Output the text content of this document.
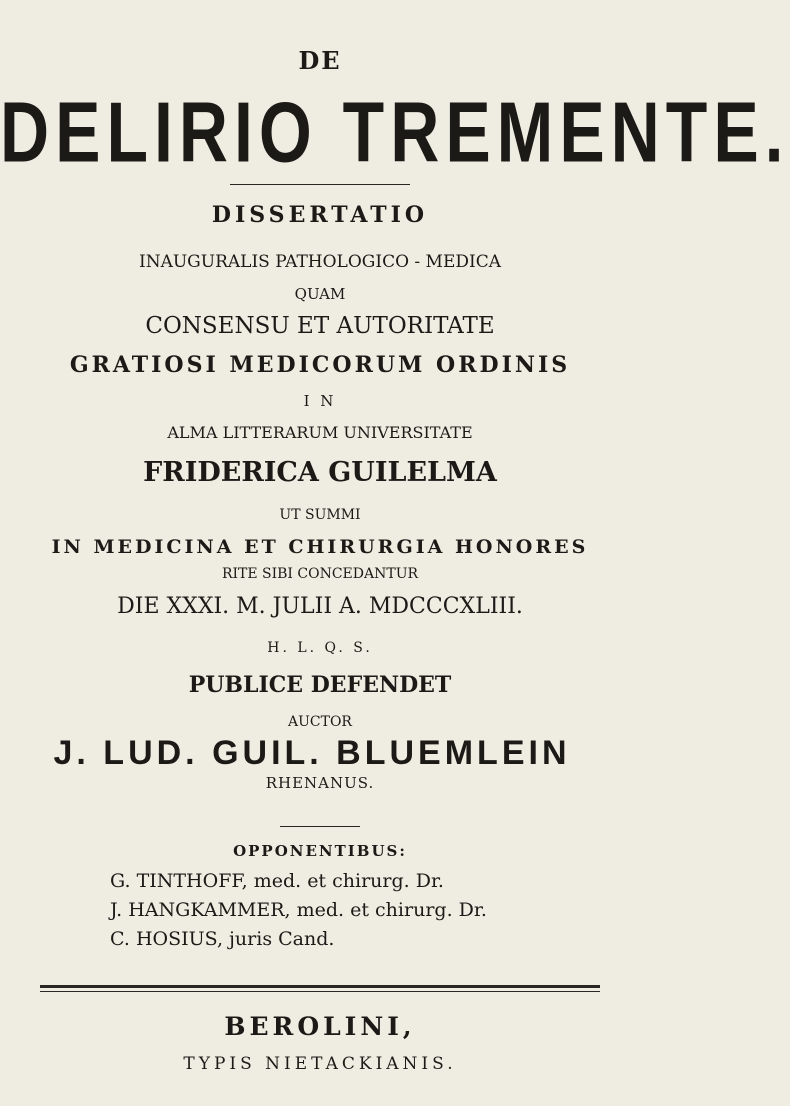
DE
DELIRIO TREMENTE.
DISSERTATIO
INAUGURALIS PATHOLOGICO - MEDICA
QUAM
CONSENSU ET AUTORITATE
GRATIOSI MEDICORUM ORDINIS
I N
ALMA LITTERARUM UNIVERSITATE
FRIDERICA GUILELMA
UT SUMMI
IN MEDICINA ET CHIRURGIA HONORES
RITE SIBI CONCEDANTUR
DIE XXXI. M. JULII A. MDCCCXLIII.
H. L. Q. S.
PUBLICE DEFENDET
AUCTOR
J. LUD. GUIL. BLUEMLEIN
RHENANUS.
OPPONENTIBUS:
G. TINTHOFF, med. et chirurg. Dr.
J. HANGKAMMER, med. et chirurg. Dr.
C. HOSIUS, juris Cand.
BEROLINI,
TYPIS NIETACKIANIS.
